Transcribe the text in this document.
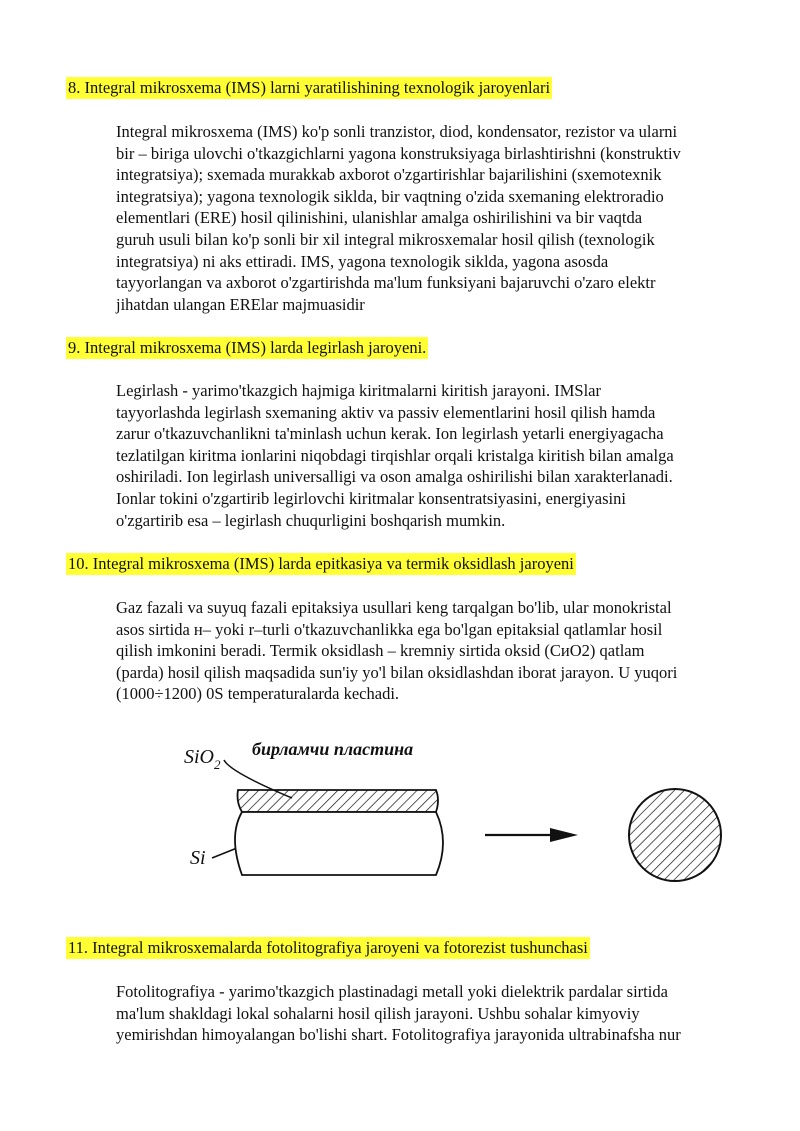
8. Integral mikrosxema (IMS) larni yaratilishining texnologik jaroyenlari
Integral mikrosxema (IMS) ko'p sonli tranzistor, diod, kondensator, rezistor va ularni
bir – biriga ulovchi o'tkazgichlarni yagona konstruksiyaga birlashtirishni (konstruktiv
integratsiya); sxemada murakkab axborot o'zgartirishlar bajarilishini (sxemotexnik
integratsiya); yagona texnologik siklda, bir vaqtning o'zida sxemaning elektroradio
elementlari (ERE) hosil qilinishini, ulanishlar amalga oshirilishini va bir vaqtda
guruh usuli bilan ko'p sonli bir xil integral mikrosxemalar hosil qilish (texnologik
integratsiya) ni aks ettiradi. IMS, yagona texnologik siklda, yagona asosda
tayyorlangan va axborot o'zgartirishda ma'lum funksiyani bajaruvchi o'zaro elektr
jihatdan ulangan ERElar majmuasidir
9. Integral mikrosxema (IMS) larda legirlash jaroyeni.
Legirlash - yarimo'tkazgich hajmiga kiritmalarni kiritish jarayoni. IMSlar
tayyorlashda legirlash sxemaning aktiv va passiv elementlarini hosil qilish hamda
zarur o'tkazuvchanlikni ta'minlash uchun kerak. Ion legirlash yetarli energiyagacha
tezlatilgan kiritma ionlarini niqobdagi tirqishlar orqali kristalga kiritish bilan amalga
oshiriladi. Ion legirlash universalligi va oson amalga oshirilishi bilan xarakterlanadi.
Ionlar tokini o'zgartirib legirlovchi kiritmalar konsentratsiyasini, energiyasini
o'zgartirib esa – legirlash chuqurligini boshqarish mumkin.
10. Integral mikrosxema (IMS) larda epitkasiya va termik oksidlash jaroyeni
Gaz fazali va suyuq fazali epitaksiya usullari keng tarqalgan bo'lib, ular monokristal
asos sirtida н– yoki r–turli o'tkazuvchanlikka ega bo'lgan epitaksial qatlamlar hosil
qilish imkonini beradi. Termik oksidlash – kremniy sirtida oksid (СиO2) qatlam
(parda) hosil qilish maqsadida sun'iy yo'l bilan oksidlashdan iborat jarayon. U yuqori
(1000÷1200) 0S temperaturalarda kechadi.
SiO$_2$
бирламчи пластина
Si
11. Integral mikrosxemalarda fotolitografiya jaroyeni va fotorezist tushunchasi
Fotolitografiya - yarimo'tkazgich plastinadagi metall yoki dielektrik pardalar sirtida
ma'lum shakldagi lokal sohalarni hosil qilish jarayoni. Ushbu sohalar kimyoviy
yemirishdan himoyalangan bo'lishi shart. Fotolitografiya jarayonida ultrabinafsha nur
